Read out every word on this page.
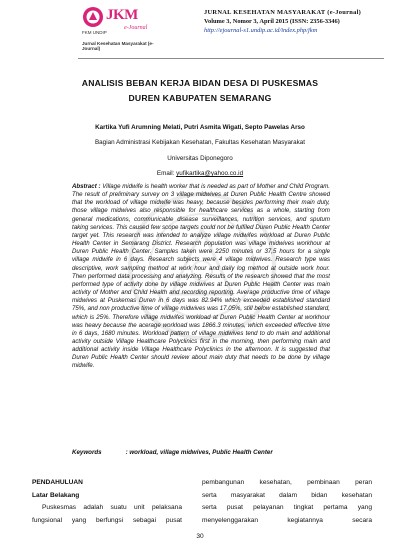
JKM
e-Journal
FKM UNDIP
Jurnal Kesehatan Masyarakat (e-Journal)
JURNAL KESEHATAN MASYARAKAT (e-Journal)
Volume 3, Nomor 3, April 2015 (ISSN: 2356-3346)
http://ejournal-s1.undip.ac.id/index.php/jkm
ANALISIS BEBAN KERJA BIDAN DESA DI PUSKESMAS
DUREN KABUPATEN SEMARANG
Kartika Yufi Arumning Melati, Putri Asmita Wigati, Septo Pawelas Arso
Bagian Administrasi Kebijakan Kesehatan, Fakultas Kesehatan Masyarakat
Universitas Diponegoro
Email: yufikartika@yahoo.co.id
Abstract : Village midwife is health worker that is needed as part of Mother and Child Program. The result of preliminary survey on 3 village midwives at Duren Public Health Centre showed that the workload of village midwife was heavy, because besides performing their main duty, those village midwives also responsible for healthcare services as a whole, starting from general medications, communicable disease surveillances, nutrition services, and sputum taking services. This caused few scope targets could not be fulfiled Duren Public Health Center target yet. This research was intended to analyze village midwifes workload at Duren Public Health Center in Semarang District. Research population was village midwives workhour at Duren Public Health Center. Samples taken were 2250 minutes or 37,5 hours for a single village midwife in 6 days. Research subjects were 4 village midwives. Research type was descriptive, work sampling method at work hour and daily log method at outside work hour. Then performed data processing and analyzing. Results of the research showed that the most performed type of activity done by village midwives at Duren Public Health Center was main activity of Mother and Child Health and recording reporting. Average productive time of village midwives at Puskemas Duren in 6 days was 82.94% which exceeded established standard 75%, and non productive time of village midwives was 17.05%, still below established standard, which is 25%. Therefore village midwifes workload at Duren Public Health Center at workhour was heavy because the acerage workload was 1866.3 minutes, which exceeded effective time in 6 days, 1680 minutes. Workload pattern of village midwives tend to do main and additional activity outside Village Healthcare Polyclinics first in the morning, then performing main and additional activity inside Village Healthcare Polyclinics in the afternoon. It is suggested that Duren Public Health Center should review about main duty that needs to be done by village midwife.
Keywords	: workload, village midwives, Public Health Center
PENDAHULUAN
Latar Belakang
Puskesmas adalah suatu unit pelaksana
fungsional yang berfungsi sebagai pusat
pembangunan kesehatan, pembinaan peran
serta masyarakat dalam bidan kesehatan
serta pusat pelayanan tingkat pertama yang
menyelenggarakan kegiatannya secara
30
